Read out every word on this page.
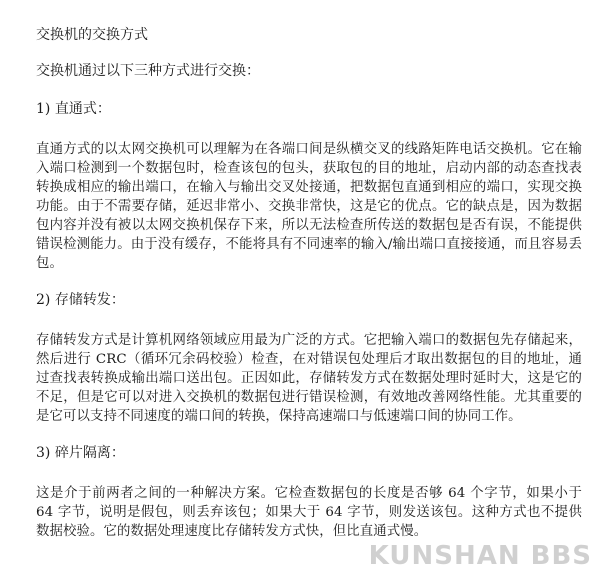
交换机的交换方式
交换机通过以下三种方式进行交换：
1) 直通式：
直通方式的以太网交换机可以理解为在各端口间是纵横交叉的线路矩阵电话交换机。它在输入端口检测到一个数据包时，检查该包的包头，获取包的目的地址，启动内部的动态查找表转换成相应的输出端口，在输入与输出交叉处接通，把数据包直通到相应的端口，实现交换功能。由于不需要存储，延迟非常小、交换非常快，这是它的优点。它的缺点是，因为数据包内容并没有被以太网交换机保存下来，所以无法检查所传送的数据包是否有误，不能提供错误检测能力。由于没有缓存，不能将具有不同速率的输入/输出端口直接接通，而且容易丢包。
2) 存储转发：
存储转发方式是计算机网络领域应用最为广泛的方式。它把输入端口的数据包先存储起来，然后进行 CRC（循环冗余码校验）检查，在对错误包处理后才取出数据包的目的地址，通过查找表转换成输出端口送出包。正因如此，存储转发方式在数据处理时延时大，这是它的不足，但是它可以对进入交换机的数据包进行错误检测，有效地改善网络性能。尤其重要的是它可以支持不同速度的端口间的转换，保持高速端口与低速端口间的协同工作。
3) 碎片隔离：
这是介于前两者之间的一种解决方案。它检查数据包的长度是否够 64 个字节，如果小于 64 字节，说明是假包，则丢弃该包；如果大于 64 字节，则发送该包。这种方式也不提供数据校验。它的数据处理速度比存储转发方式快，但比直通式慢。
KUNSHAN BBS
